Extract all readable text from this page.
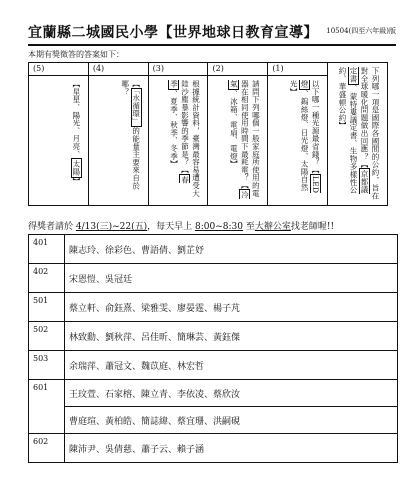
宜蘭縣二城國民小學【世界地球日教育宣導】 10504(四至六年級)版
本期有獎徵答的答案如下：
(5)	(4)	(3)	(2)	(1)	下列哪一項是國際各國間的公約，旨在對全球暖化問題做出回應？【京都議定書、蒙特婁議定書、生物多樣性公約、華盛頓公約】

【星星、陽光、月亮、太陽】	【「水循環」的能量主要來自於哪？	根據統計資料，臺灣最容易遭受大陸沙塵暴影響的季節是？【春季、夏季、秋季、冬季】	請問下列哪個一般家庭所使用的電器在相同使用時間下最耗電？【冷氣、冰箱、電扇、電燈】	以下哪一種光源最省錢？【LED燈、鎢絲燈、日光燈、太陽自然光】	
得獎者請於 4/13(三)~22(五)，每天早上 8:00~8:30 至大辦公室找老師喔!!
401	陳志玲、徐彩色、曹語倩、劉芷妤
402	宋恩愷、吳冠廷
501	蔡立軒、俞鈺熹、梁雅雯、廖晏霆、楊子芃
502	林致勳、劉秋萍、呂佳昕、簡琳芸、黃鈺傑
503	余瑞萍、蕭冠文、魏苡庭、林宏哲
601	王玟萱、石家榕、陳立青、李依凌、蔡欣汝
	曹庭瑄、黃柏皓、簡誌緯、蔡宜珊、洪嗣硯
602	陳沛尹、吳倩慈、蕭子云、賴子涵
